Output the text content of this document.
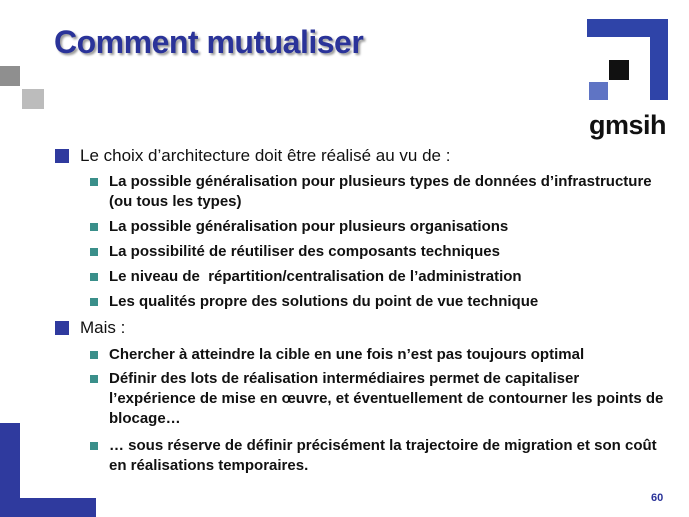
Comment mutualiser
gmsih
Le choix d’architecture doit être réalisé au vu de :
La possible généralisation pour plusieurs types de données d’infrastructure (ou tous les types)
La possible généralisation pour plusieurs organisations
La possibilité de réutiliser des composants techniques
Le niveau de  répartition/centralisation de l’administration
Les qualités propre des solutions du point de vue technique
Mais :
Chercher à atteindre la cible en une fois n’est pas toujours optimal
Définir des lots de réalisation intermédiaires permet de capitaliser l’expérience de mise en œuvre, et éventuellement de contourner les points de blocage…
… sous réserve de définir précisément la trajectoire de migration et son coût en réalisations temporaires.
60
